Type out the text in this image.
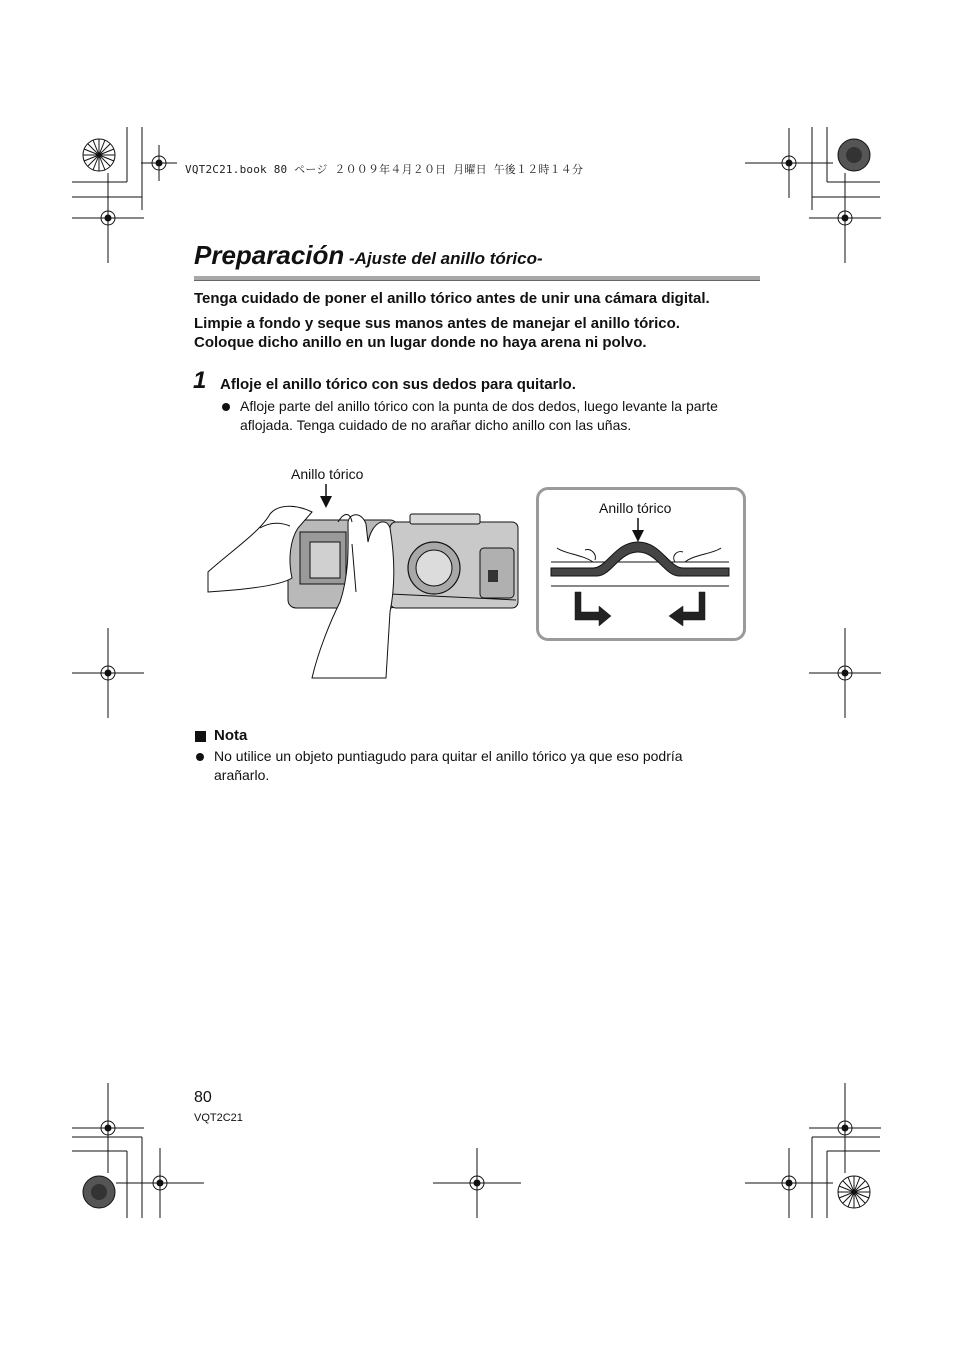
VQT2C21.book 80 ページ ２００９年４月２０日 月曜日 午後１２時１４分
Preparación -Ajuste del anillo tórico-
Tenga cuidado de poner el anillo tórico antes de unir una cámara digital.
Limpie a fondo y seque sus manos antes de manejar el anillo tórico.
Coloque dicho anillo en un lugar donde no haya arena ni polvo.
1 Afloje el anillo tórico con sus dedos para quitarlo.
Afloje parte del anillo tórico con la punta de dos dedos, luego levante la parte
aflojada. Tenga cuidado de no arañar dicho anillo con las uñas.
Anillo tórico
Anillo tórico
Nota
No utilice un objeto puntiagudo para quitar el anillo tórico ya que eso podría
arañarlo.
80
VQT2C21
